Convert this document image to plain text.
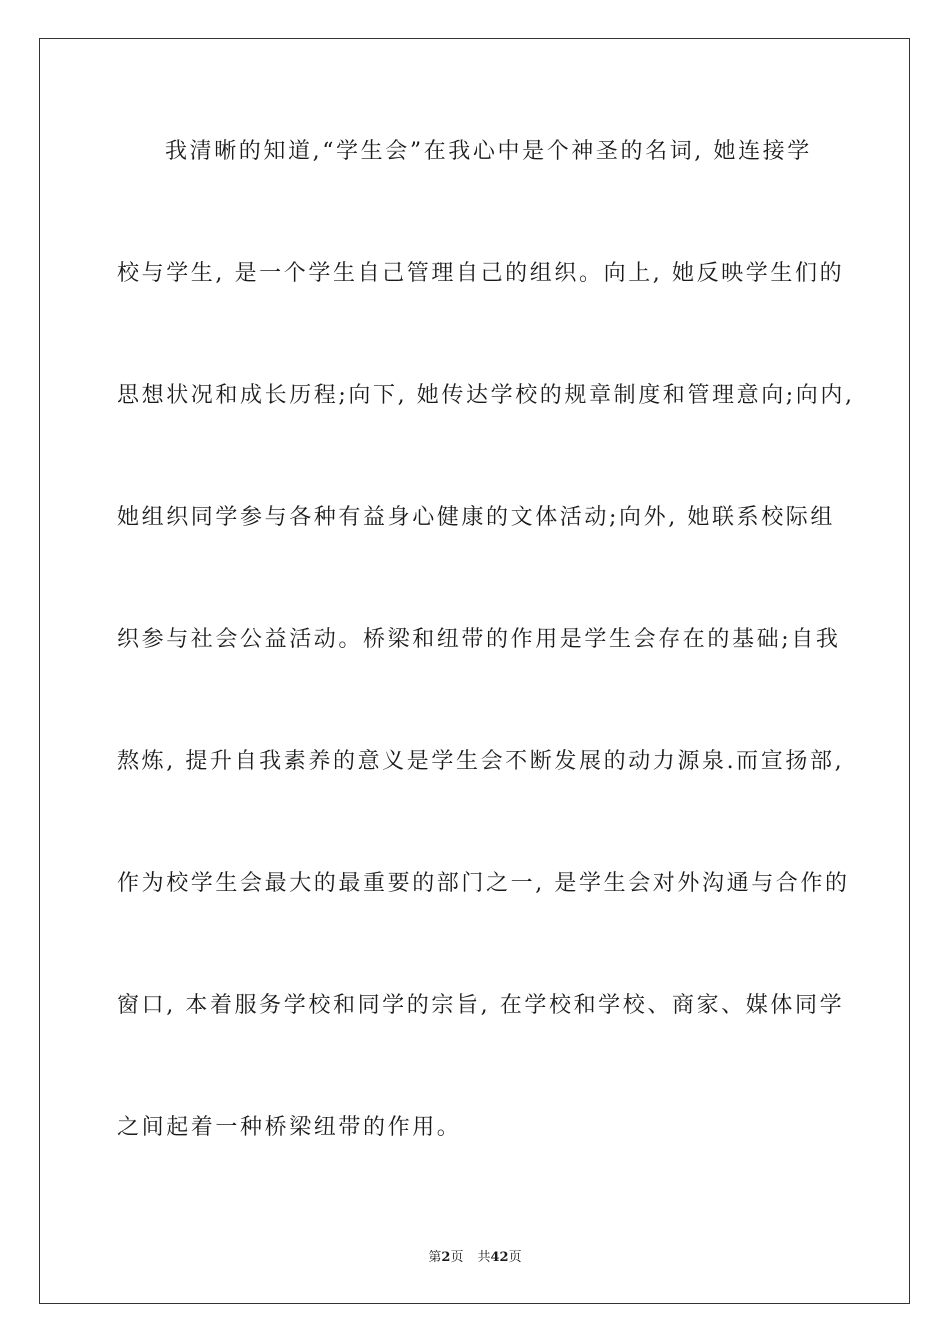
我清晰的知道,“学生会”在我心中是个神圣的名词, 她连接学
校与学生, 是一个学生自己管理自己的组织。向上, 她反映学生们的
思想状况和成长历程;向下, 她传达学校的规章制度和管理意向;向内,
她组织同学参与各种有益身心健康的文体活动;向外, 她联系校际组
织参与社会公益活动。桥梁和纽带的作用是学生会存在的基础;自我
熬炼, 提升自我素养的意义是学生会不断发展的动力源泉.而宣扬部,
作为校学生会最大的最重要的部门之一, 是学生会对外沟通与合作的
窗口, 本着服务学校和同学的宗旨, 在学校和学校、商家、媒体同学
之间起着一种桥梁纽带的作用。
第2页 共42页
